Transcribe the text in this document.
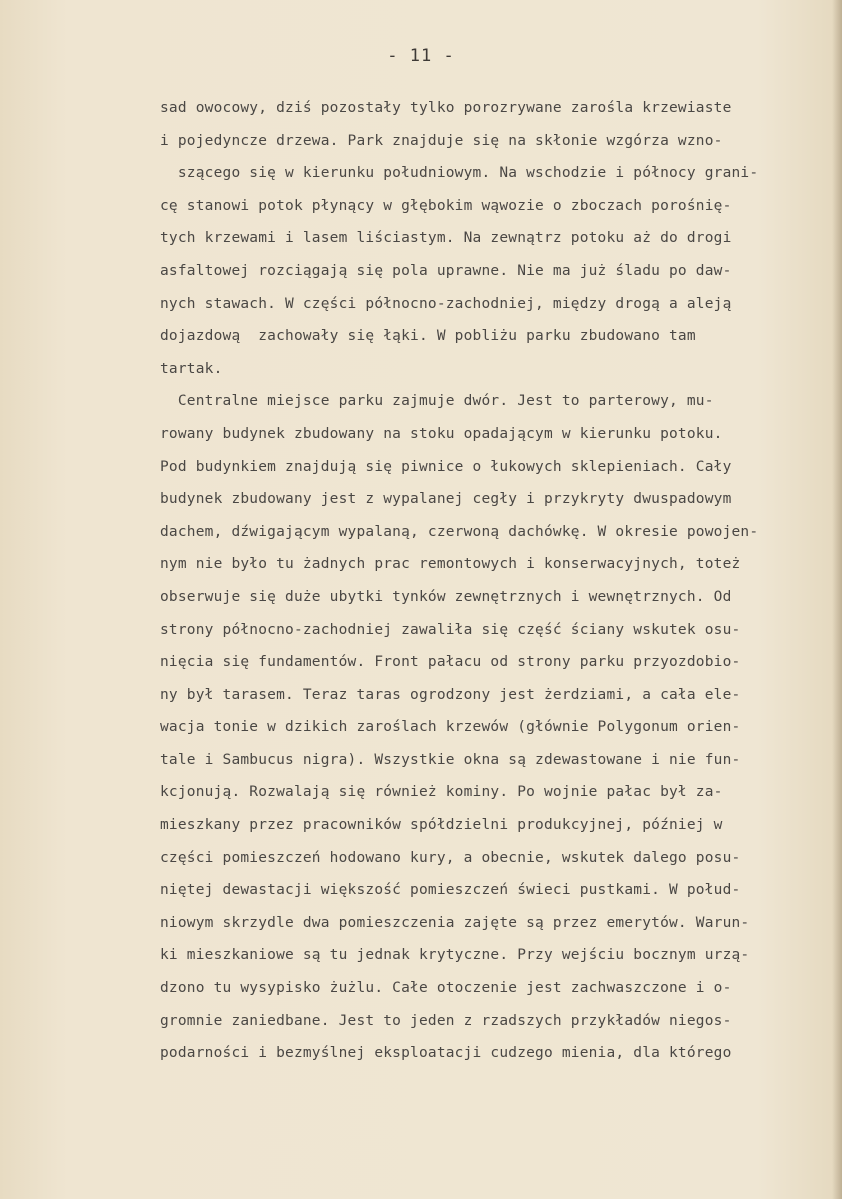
- 11 -
sad owocowy, dziś pozostały tylko porozrywane zarośla krzewiaste
i pojedyncze drzewa. Park znajduje się na skłonie wzgórza wzno-
szącego się w kierunku południowym. Na wschodzie i północy grani-
cę stanowi potok płynący w głębokim wąwozie o zboczach porośnię-
tych krzewami i lasem liściastym. Na zewnątrz potoku aż do drogi
asfaltowej rozciągają się pola uprawne. Nie ma już śladu po daw-
nych stawach. W części północno-zachodniej, między drogą a aleją
dojazdową  zachowały się łąki. W pobliżu parku zbudowano tam
tartak.
Centralne miejsce parku zajmuje dwór. Jest to parterowy, mu-
rowany budynek zbudowany na stoku opadającym w kierunku potoku.
Pod budynkiem znajdują się piwnice o łukowych sklepieniach. Cały
budynek zbudowany jest z wypalanej cegły i przykryty dwuspadowym
dachem, dźwigającym wypalaną, czerwoną dachówkę. W okresie powojen-
nym nie było tu żadnych prac remontowych i konserwacyjnych, toteż
obserwuje się duże ubytki tynków zewnętrznych i wewnętrznych. Od
strony północno-zachodniej zawaliła się część ściany wskutek osu-
nięcia się fundamentów. Front pałacu od strony parku przyozdobio-
ny był tarasem. Teraz taras ogrodzony jest żerdziami, a cała ele-
wacja tonie w dzikich zaroślach krzewów (głównie Polygonum orien-
tale i Sambucus nigra). Wszystkie okna są zdewastowane i nie fun-
kcjonują. Rozwalają się również kominy. Po wojnie pałac był za-
mieszkany przez pracowników spółdzielni produkcyjnej, później w
części pomieszczeń hodowano kury, a obecnie, wskutek dalego posu-
niętej dewastacji większość pomieszczeń świeci pustkami. W połud-
niowym skrzydle dwa pomieszczenia zajęte są przez emerytów. Warun-
ki mieszkaniowe są tu jednak krytyczne. Przy wejściu bocznym urzą-
dzono tu wysypisko żużlu. Całe otoczenie jest zachwaszczone i o-
gromnie zaniedbane. Jest to jeden z rzadszych przykładów niegos-
podarności i bezmyślnej eksploatacji cudzego mienia, dla którego
